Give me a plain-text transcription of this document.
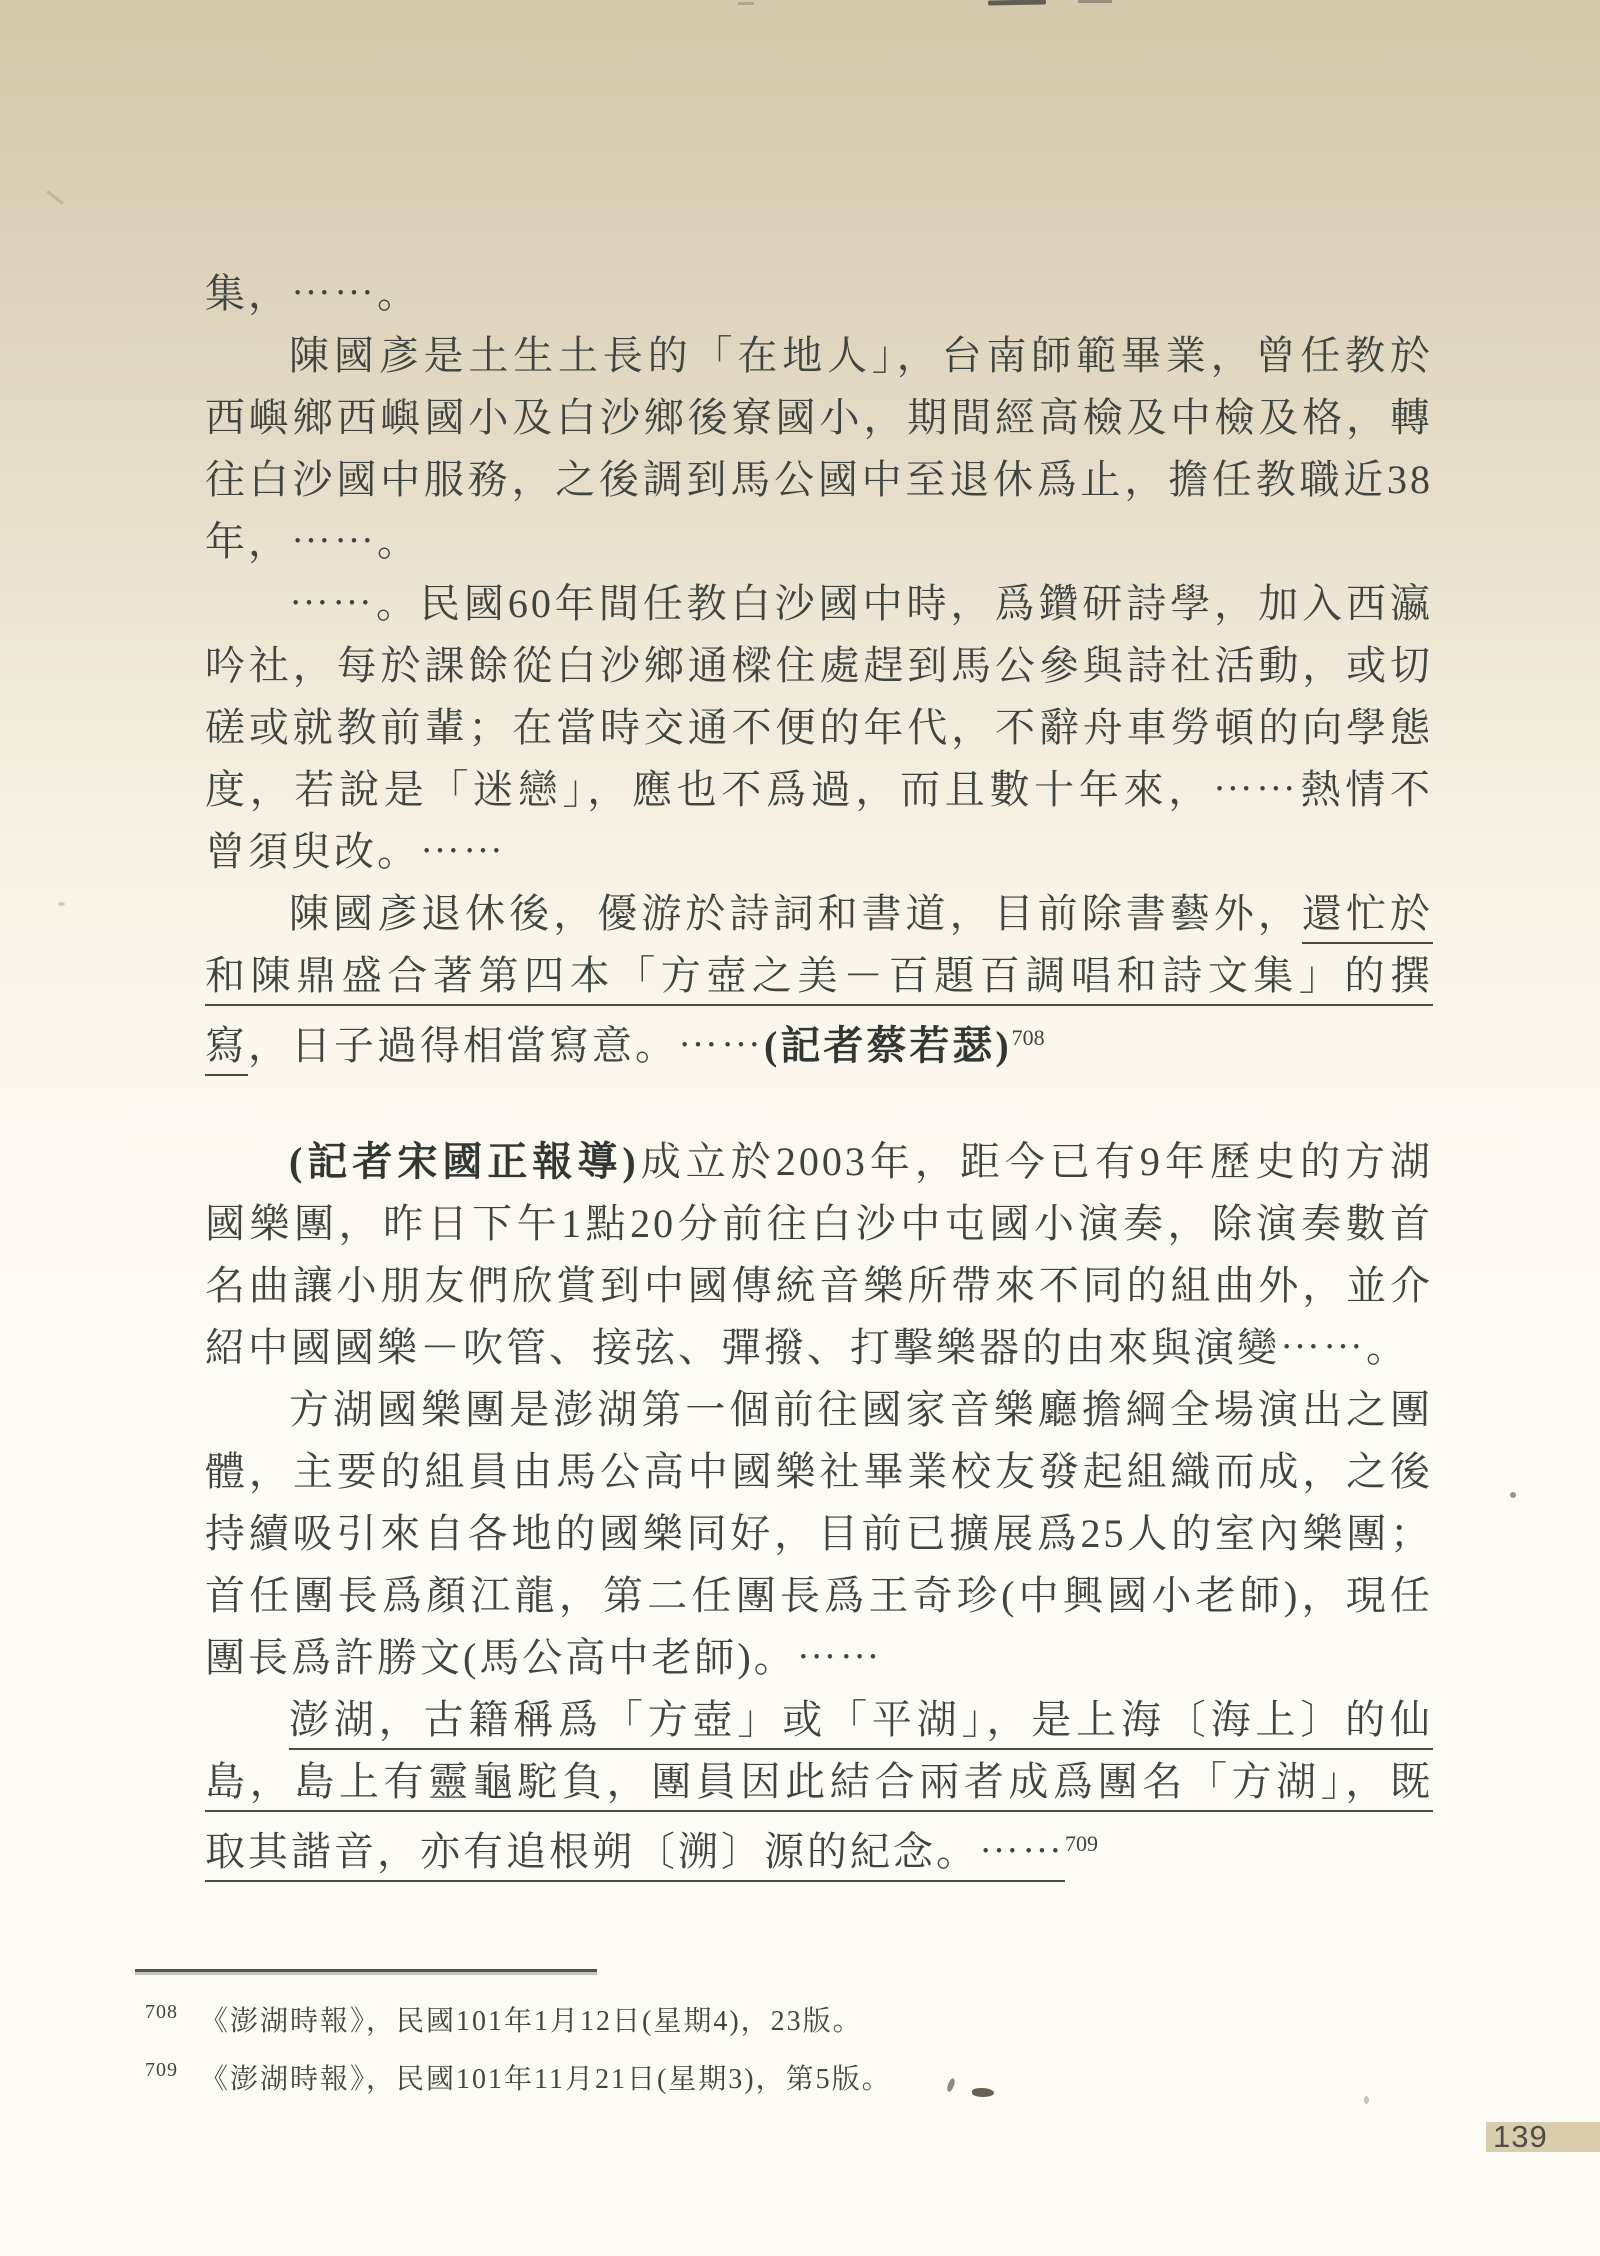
集，⋯⋯。
陳國彥是土生土長的「在地人」，台南師範畢業，曾任教於
西嶼鄉西嶼國小及白沙鄉後寮國小，期間經高檢及中檢及格，轉
往白沙國中服務，之後調到馬公國中至退休爲止，擔任教職近38
年，⋯⋯。
⋯⋯。民國60年間任教白沙國中時，爲鑽研詩學，加入西瀛
吟社，每於課餘從白沙鄉通樑住處趕到馬公參與詩社活動，或切
磋或就教前輩；在當時交通不便的年代，不辭舟車勞頓的向學態
度，若說是「迷戀」，應也不爲過，而且數十年來，⋯⋯熱情不
曾須臾改。⋯⋯
陳國彥退休後，優游於詩詞和書道，目前除書藝外，還忙於
和陳鼎盛合著第四本「方壺之美－百題百調唱和詩文集」的撰
寫，日子過得相當寫意。⋯⋯(記者蔡若瑟)$^{708}$
(記者宋國正報導)成立於2003年，距今已有9年歷史的方湖
國樂團，昨日下午1點20分前往白沙中屯國小演奏，除演奏數首
名曲讓小朋友們欣賞到中國傳統音樂所帶來不同的組曲外，並介
紹中國國樂－吹管、接弦、彈撥、打擊樂器的由來與演變⋯⋯。
方湖國樂團是澎湖第一個前往國家音樂廳擔綱全場演出之團
體，主要的組員由馬公高中國樂社畢業校友發起組織而成，之後
持續吸引來自各地的國樂同好，目前已擴展爲25人的室內樂團；
首任團長爲顏江龍，第二任團長爲王奇珍(中興國小老師)，現任
團長爲許勝文(馬公高中老師)。⋯⋯
澎湖，古籍稱爲「方壺」或「平湖」，是上海〔海上〕的仙
島，島上有靈龜駝負，團員因此結合兩者成爲團名「方湖」，既
取其諧音，亦有追根朔〔溯〕源的紀念。⋯⋯$^{709}$
708 《澎湖時報》，民國101年1月12日(星期4)，23版。
709 《澎湖時報》，民國101年11月21日(星期3)，第5版。
139
